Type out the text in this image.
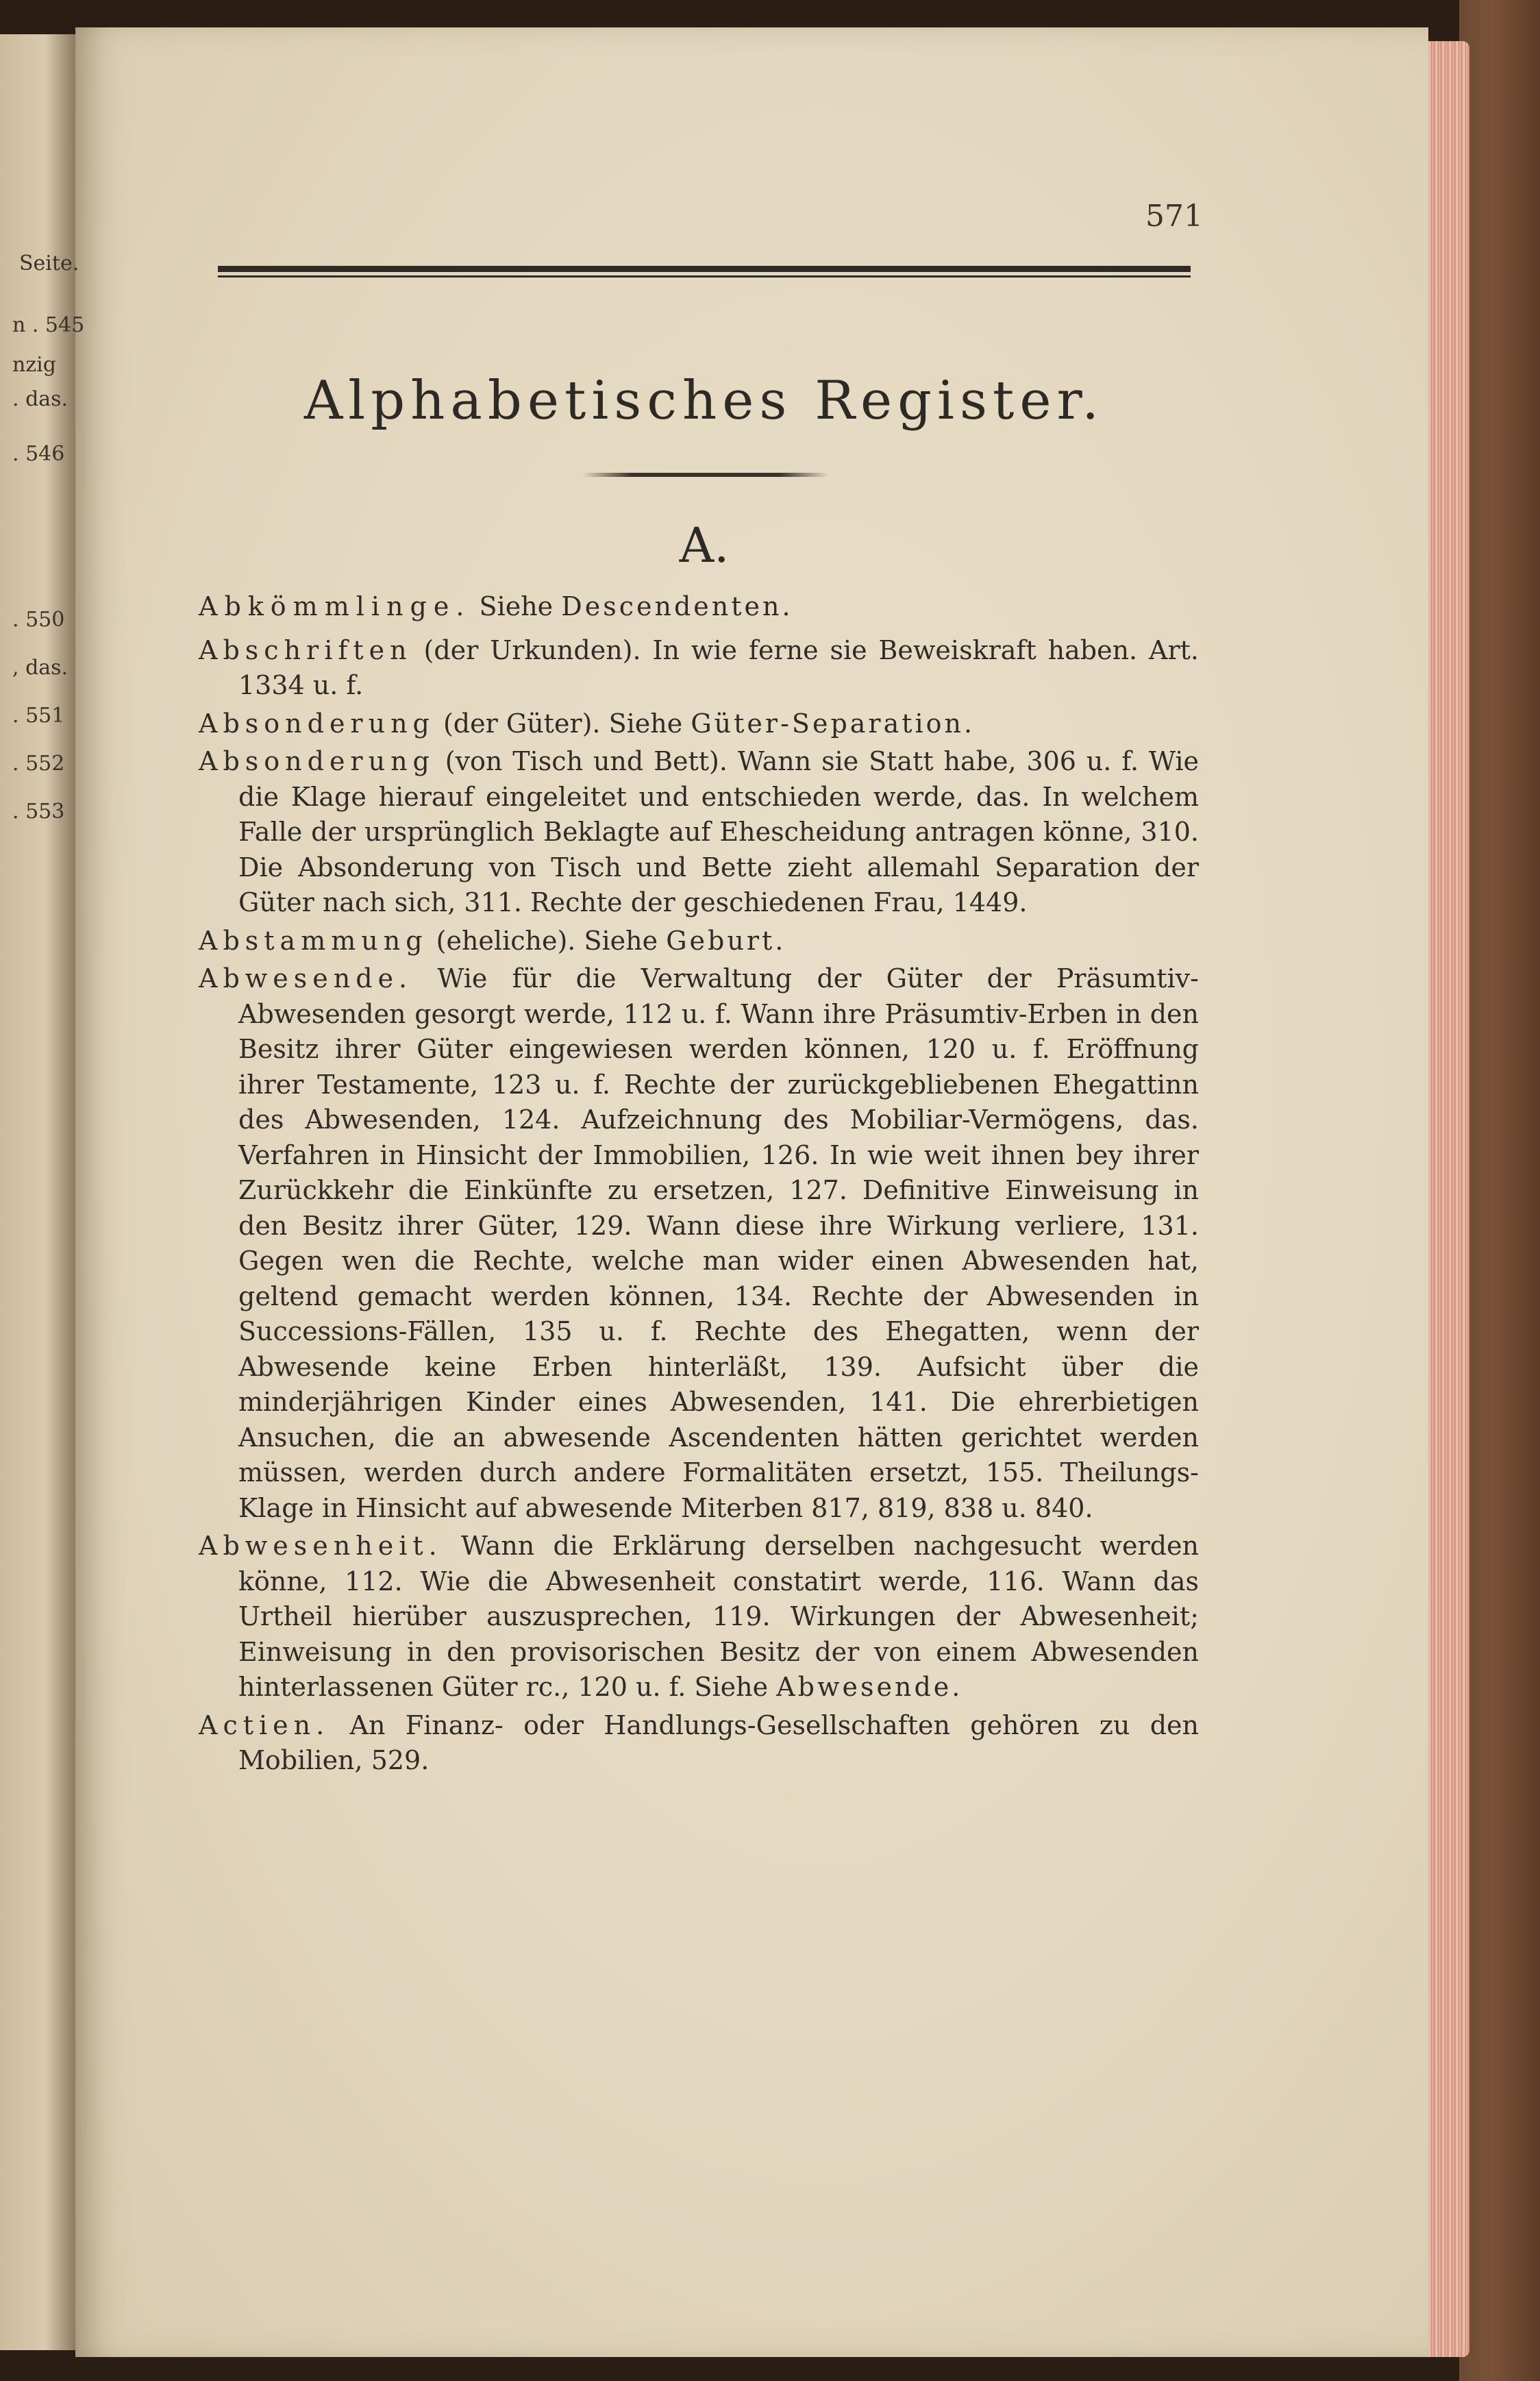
Seite.
n . 545
nzig
. das.
. 546
. 550
, das.
. 551
. 552
. 553
571
Alphabetisches Register.
A.

Abkömmlinge. Siehe Descendenten.

Abschriften (der Urkunden). In wie ferne sie Beweiskraft haben. Art. 1334 u. f.

Absonderung (der Güter). Siehe Güter-Separation.

Absonderung (von Tisch und Bett). Wann sie Statt habe, 306 u. f. Wie die Klage hierauf eingeleitet und entschieden werde, das. In welchem Falle der ursprünglich Beklagte auf Ehescheidung antragen könne, 310. Die Absonderung von Tisch und Bette zieht allemahl Separation der Güter nach sich, 311. Rechte der geschiedenen Frau, 1449.

Abstammung (eheliche). Siehe Geburt.

Abwesende. Wie für die Verwaltung der Güter der Präsumtiv-Abwesenden gesorgt werde, 112 u. f. Wann ihre Präsumtiv-Erben in den Besitz ihrer Güter eingewiesen werden können, 120 u. f. Eröffnung ihrer Testamente, 123 u. f. Rechte der zurückgebliebenen Ehegattinn des Abwesenden, 124. Aufzeichnung des Mobiliar-Vermögens, das. Verfahren in Hinsicht der Immobilien, 126. In wie weit ihnen bey ihrer Zurückkehr die Einkünfte zu ersetzen, 127. Definitive Einweisung in den Besitz ihrer Güter, 129. Wann diese ihre Wirkung verliere, 131. Gegen wen die Rechte, welche man wider einen Abwesenden hat, geltend gemacht werden können, 134. Rechte der Abwesenden in Successions-Fällen, 135 u. f. Rechte des Ehegatten, wenn der Abwesende keine Erben hinterläßt, 139. Aufsicht über die minderjährigen Kinder eines Abwesenden, 141. Die ehrerbietigen Ansuchen, die an abwesende Ascendenten hätten gerichtet werden müssen, werden durch andere Formalitäten ersetzt, 155. Theilungs-Klage in Hinsicht auf abwesende Miterben 817, 819, 838 u. 840.

Abwesenheit. Wann die Erklärung derselben nachgesucht werden könne, 112. Wie die Abwesenheit constatirt werde, 116. Wann das Urtheil hierüber auszusprechen, 119. Wirkungen der Abwesenheit; Einweisung in den provisorischen Besitz der von einem Abwesenden hinterlassenen Güter rc., 120 u. f. Siehe Abwesende.

Actien. An Finanz- oder Handlungs-Gesellschaften gehören zu den Mobilien, 529.
